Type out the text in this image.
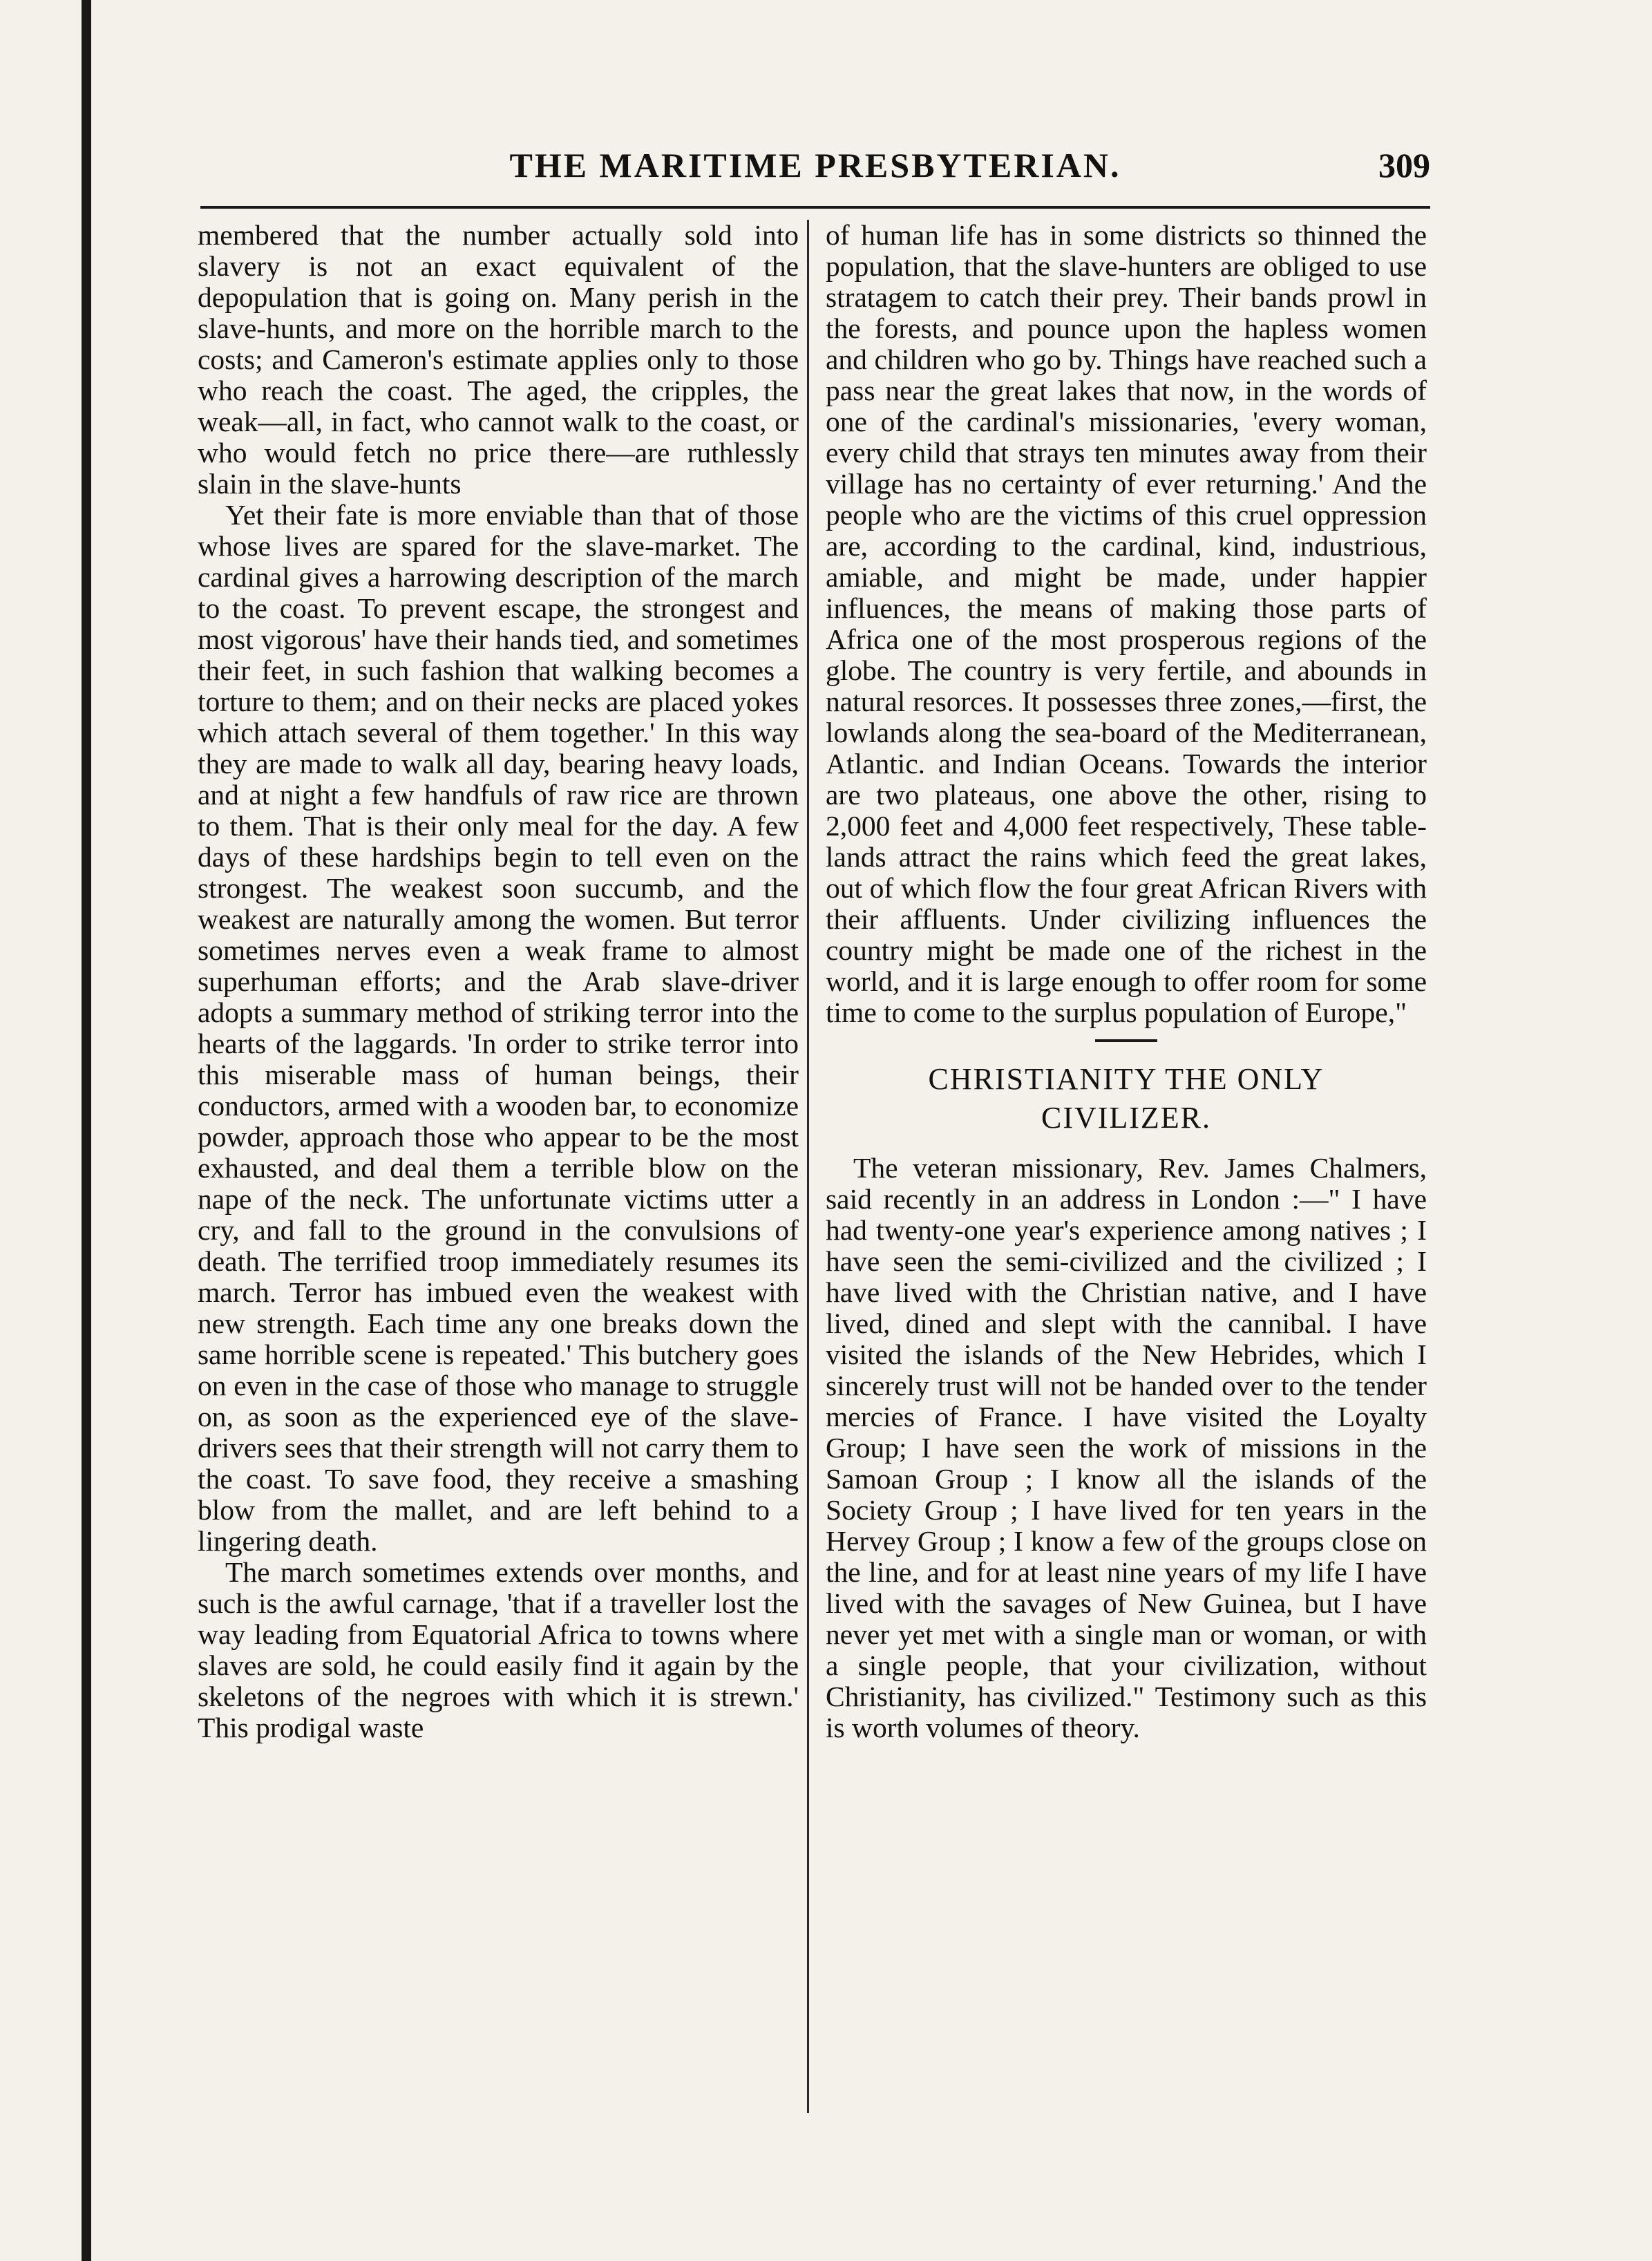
THE MARITIME PRESBYTERIAN.	309

membered that the number actually sold into slavery is not an exact equivalent of the depopulation that is going on. Many perish in the slave-hunts, and more on the horrible march to the costs; and Cameron's estimate applies only to those who reach the coast. The aged, the cripples, the weak—all, in fact, who cannot walk to the coast, or who would fetch no price there—are ruthlessly slain in the slave-hunts

Yet their fate is more enviable than that of those whose lives are spared for the slave-market. The cardinal gives a harrowing description of the march to the coast. To prevent escape, the strongest and most vigorous' have their hands tied, and sometimes their feet, in such fashion that walking becomes a torture to them; and on their necks are placed yokes which attach several of them together.' In this way they are made to walk all day, bearing heavy loads, and at night a few handfuls of raw rice are thrown to them. That is their only meal for the day. A few days of these hardships begin to tell even on the strongest. The weakest soon succumb, and the weakest are naturally among the women. But terror sometimes nerves even a weak frame to almost superhuman efforts; and the Arab slave-driver adopts a summary method of striking terror into the hearts of the laggards. 'In order to strike terror into this miserable mass of human beings, their conductors, armed with a wooden bar, to economize powder, approach those who appear to be the most exhausted, and deal them a terrible blow on the nape of the neck. The unfortunate victims utter a cry, and fall to the ground in the convulsions of death. The terrified troop immediately resumes its march. Terror has imbued even the weakest with new strength. Each time any one breaks down the same horrible scene is repeated.' This butchery goes on even in the case of those who manage to struggle on, as soon as the experienced eye of the slave-drivers sees that their strength will not carry them to the coast. To save food, they receive a smashing blow from the mallet, and are left behind to a lingering death.

The march sometimes extends over months, and such is the awful carnage, 'that if a traveller lost the way leading from Equatorial Africa to towns where slaves are sold, he could easily find it again by the skeletons of the negroes with which it is strewn.' This prodigal waste

of human life has in some districts so thinned the population, that the slave-hunters are obliged to use stratagem to catch their prey. Their bands prowl in the forests, and pounce upon the hapless women and children who go by. Things have reached such a pass near the great lakes that now, in the words of one of the cardinal's missionaries, 'every woman, every child that strays ten minutes away from their village has no certainty of ever returning.' And the people who are the victims of this cruel oppression are, according to the cardinal, kind, industrious, amiable, and might be made, under happier influences, the means of making those parts of Africa one of the most prosperous regions of the globe. The country is very fertile, and abounds in natural resorces. It possesses three zones,—first, the lowlands along the sea-board of the Mediterranean, Atlantic. and Indian Oceans. Towards the interior are two plateaus, one above the other, rising to 2,000 feet and 4,000 feet respectively, These table-lands attract the rains which feed the great lakes, out of which flow the four great African Rivers with their affluents. Under civilizing influences the country might be made one of the richest in the world, and it is large enough to offer room for some time to come to the surplus population of Europe,"

CHRISTIANITY THE ONLY
CIVILIZER.

The veteran missionary, Rev. James Chalmers, said recently in an address in London :—" I have had twenty-one year's experience among natives ; I have seen the semi-civilized and the civilized ; I have lived with the Christian native, and I have lived, dined and slept with the cannibal. I have visited the islands of the New Hebrides, which I sincerely trust will not be handed over to the tender mercies of France. I have visited the Loyalty Group; I have seen the work of missions in the Samoan Group ; I know all the islands of the Society Group ; I have lived for ten years in the Hervey Group ; I know a few of the groups close on the line, and for at least nine years of my life I have lived with the savages of New Guinea, but I have never yet met with a single man or woman, or with a single people, that your civilization, without Christianity, has civilized." Testimony such as this is worth volumes of theory.
